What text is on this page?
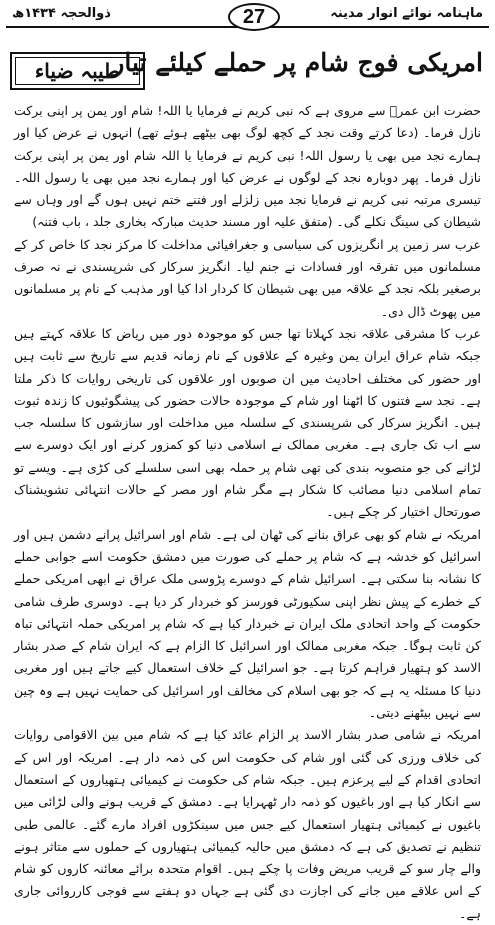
ماہنامہ نوائے انوار مدینہ
27
ذوالحجہ ۱۴۳۴ھ
امریکی فوج شام پر حملے کیلئے تیار
طیبہ ضیاء

حضرت ابن عمرؓ سے مروی ہے کہ نبی کریم نے فرمایا یا اللہ! شام اور یمن پر اپنی برکت نازل فرما۔ (دعا کرتے وقت نجد کے کچھ لوگ بھی بیٹھے ہوئے تھے) انہوں نے عرض کیا اور ہمارے نجد میں بھی یا رسول اللہ! نبی کریم نے فرمایا یا اللہ شام اور یمن پر اپنی برکت نازل فرما۔ پھر دوبارہ نجد کے لوگوں نے عرض کیا اور ہمارے نجد میں بھی یا رسول اللہ۔ تیسری مرتبہ نبی کریم نے فرمایا نجد میں زلزلے اور فتنے ختم نہیں ہوں گے اور وہاں سے شیطان کی سینگ نکلے گی۔ (متفق علیہ اور مسند حدیث مبارکہ بخاری جلد ، باب فتنہ)

عرب سر زمین پر انگریزوں کی سیاسی و جغرافیائی مداخلت کا مرکز نجد کا خاص کر کے مسلمانوں میں تفرقہ اور فسادات نے جنم لیا۔ انگریز سرکار کی شرپسندی نے نہ صرف برصغیر بلکہ نجد کے علاقہ میں بھی شیطان کا کردار ادا کیا اور مذہب کے نام پر مسلمانوں میں پھوٹ ڈال دی۔

عرب کا مشرقی علاقہ نجد کہلاتا تھا جس کو موجودہ دور میں ریاض کا علاقہ کہتے ہیں جبکہ شام عراق ایران یمن وغیرہ کے علاقوں کے نام زمانہ قدیم سے تاریخ سے ثابت ہیں اور حضور کی مختلف احادیث میں ان صوبوں اور علاقوں کی تاریخی روایات کا ذکر ملتا ہے۔ نجد سے فتنوں کا اٹھنا اور شام کے موجودہ حالات حضور کی پیشگوئیوں کا زندہ ثبوت ہیں۔ انگریز سرکار کی شرپسندی کے سلسلہ میں مداخلت اور سازشوں کا سلسلہ جب سے اب تک جاری ہے۔ مغربی ممالک نے اسلامی دنیا کو کمزور کرنے اور ایک دوسرے سے لڑانے کی جو منصوبہ بندی کی تھی شام پر حملہ بھی اسی سلسلے کی کڑی ہے۔ ویسے تو تمام اسلامی دنیا مصائب کا شکار ہے مگر شام اور مصر کے حالات انتہائی تشویشناک صورتحال اختیار کر چکے ہیں۔

امریکہ نے شام کو بھی عراق بنانے کی ٹھان لی ہے۔ شام اور اسرائیل پرانے دشمن ہیں اور اسرائیل کو خدشہ ہے کہ شام پر حملے کی صورت میں دمشق حکومت اسے جوابی حملے کا نشانہ بنا سکتی ہے۔ اسرائیل شام کے دوسرے پڑوسی ملک عراق نے ابھی امریکی حملے کے خطرے کے پیش نظر اپنی سکیورٹی فورسز کو خبردار کر دیا ہے۔ دوسری طرف شامی حکومت کے واحد اتحادی ملک ایران نے خبردار کیا ہے کہ شام پر امریکی حملہ انتہائی تباہ کن ثابت ہوگا۔ جبکہ مغربی ممالک اور اسرائیل کا الزام ہے کہ ایران شام کے صدر بشار الاسد کو ہتھیار فراہم کرتا ہے۔ جو اسرائیل کے خلاف استعمال کیے جاتے ہیں اور مغربی دنیا کا مسئلہ یہ ہے کہ جو بھی اسلام کی مخالف اور اسرائیل کی حمایت نہیں ہے وہ چین سے نہیں بیٹھنے دیتی۔

امریکہ نے شامی صدر بشار الاسد پر الزام عائد کیا ہے کہ شام میں بین الاقوامی روایات کی خلاف ورزی کی گئی اور شام کی حکومت اس کی ذمہ دار ہے۔ امریکہ اور اس کے اتحادی اقدام کے لیے پرعزم ہیں۔ جبکہ شام کی حکومت نے کیمیائی ہتھیاروں کے استعمال سے انکار کیا ہے اور باغیوں کو ذمہ دار ٹھہرایا ہے۔ دمشق کے قریب ہونے والی لڑائی میں باغیوں نے کیمیائی ہتھیار استعمال کیے جس میں سینکڑوں افراد مارے گئے۔ عالمی طبی تنظیم نے تصدیق کی ہے کہ دمشق میں حالیہ کیمیائی ہتھیاروں کے حملوں سے متاثر ہونے والے چار سو کے قریب مریض وفات پا چکے ہیں۔ اقوام متحدہ برائے معائنہ کاروں کو شام کے اس علاقے میں جانے کی اجازت دی گئی ہے جہاں دو ہفتے سے فوجی کارروائی جاری ہے۔
